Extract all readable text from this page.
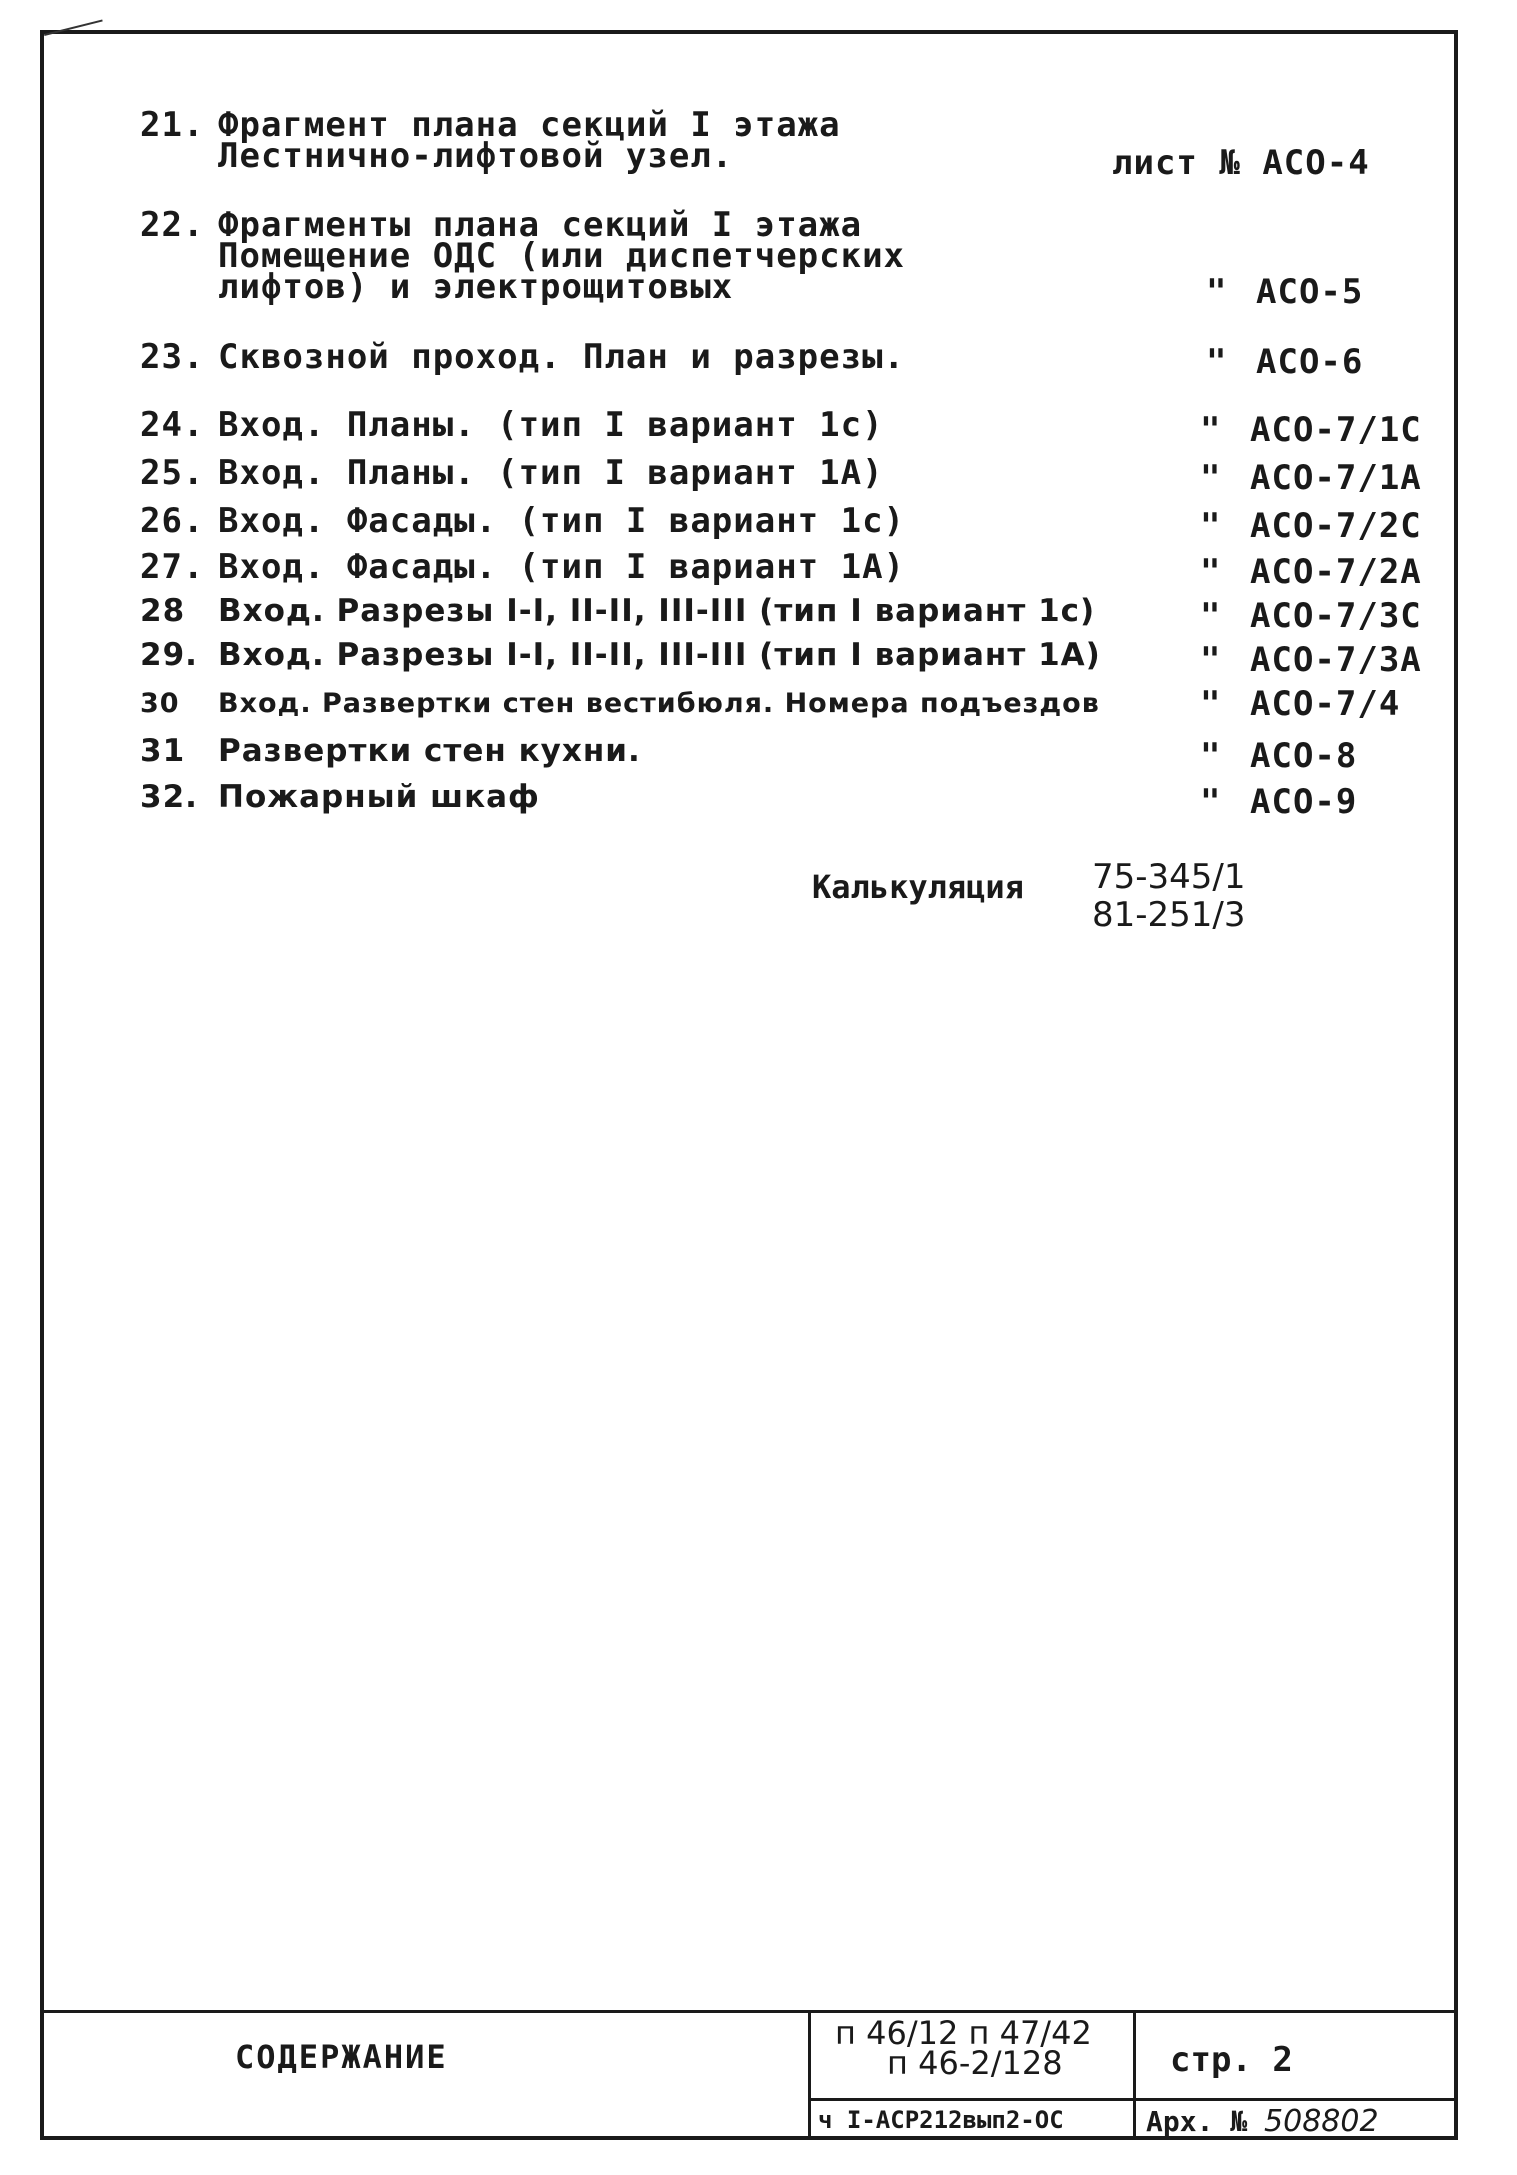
21. Фрагмент плана секций I этажа
Лестнично-лифтовой узел.	лист № АСО-4
22. Фрагменты плана секций I этажа
Помещение ОДС (или диспетчерских
лифтов) и электрощитовых	" АСО-5
23. Сквозной проход. План и разрезы.	" АСО-6
24. Вход. Планы. (тип I вариант 1с)	" АСО-7/1С
25. Вход. Планы. (тип I вариант 1А)	" АСО-7/1А
26. Вход. Фасады. (тип I вариант 1с)	" АСО-7/2С
27. Вход. Фасады. (тип I вариант 1А)	" АСО-7/2А
28 Вход. Разрезы I-I, II-II, III-III (тип I вариант 1с)	" АСО-7/3С
29. Вход. Разрезы I-I, II-II, III-III (тип I вариант 1А)	" АСО-7/3А
30 Вход. Развертки стен вестибюля. Номера подъездов	" АСО-7/4
31 Развертки стен кухни.	" АСО-8
32. Пожарный шкаф	" АСО-9
Калькуляция 75-345/1
81-251/3
СОДЕРЖАНИЕ
п 46/12 п 47/42
п 46-2/128	стр. 2
ч I-АСР212вып2-ОС	Арх. № 508802
